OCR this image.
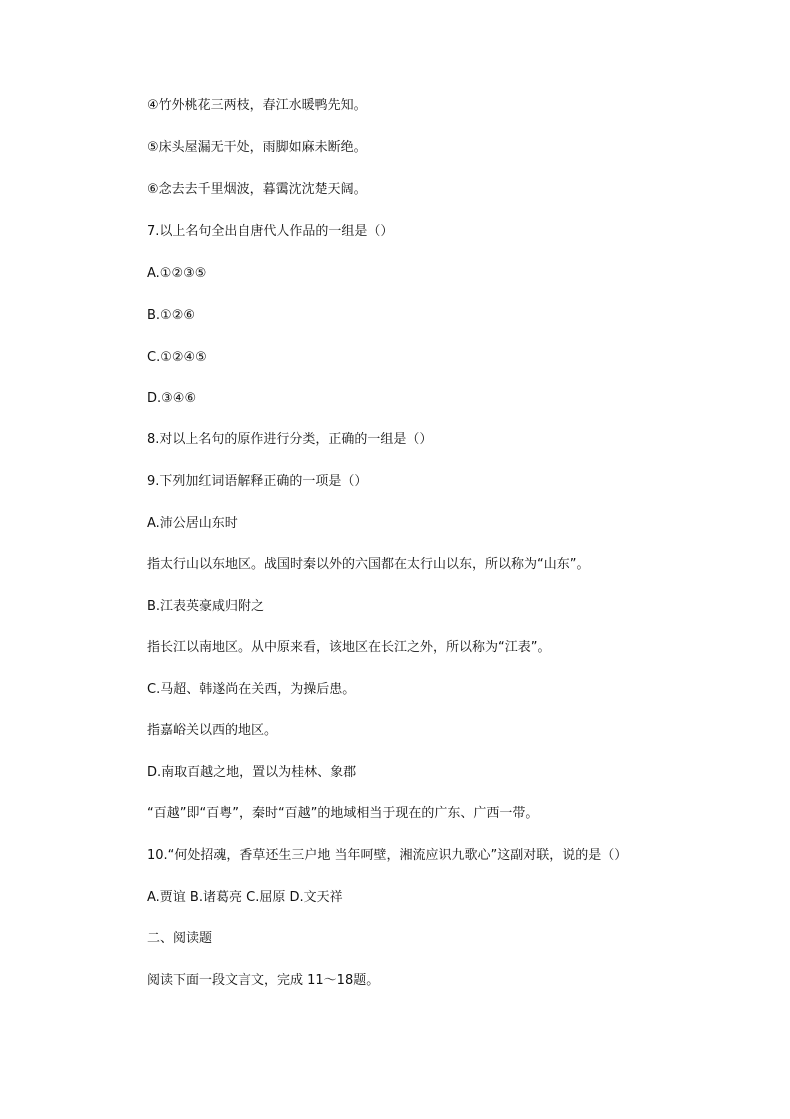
④竹外桃花三两枝，春江水暖鸭先知。
⑤床头屋漏无干处，雨脚如麻未断绝。
⑥念去去千里烟波，暮霭沈沈楚天阔。
7.以上名句全出自唐代人作品的一组是（）
A.①②③⑤
B.①②⑥
C.①②④⑤
D.③④⑥
8.对以上名句的原作进行分类，正确的一组是（）
9.下列加红词语解释正确的一项是（）
A.沛公居山东时
指太行山以东地区。战国时秦以外的六国都在太行山以东，所以称为“山东”。
B.江表英豪咸归附之
指长江以南地区。从中原来看，该地区在长江之外，所以称为“江表”。
C.马超、韩遂尚在关西，为操后患。
指嘉峪关以西的地区。
D.南取百越之地，置以为桂林、象郡
“百越”即“百粤”，秦时“百越”的地域相当于现在的广东、广西一带。
10.“何处招魂，香草还生三户地 当年呵壁，湘流应识九歌心”这副对联，说的是（）
A.贾谊 B.诸葛亮 C.屈原 D.文天祥
二、阅读题
阅读下面一段文言文，完成 11～18题。
